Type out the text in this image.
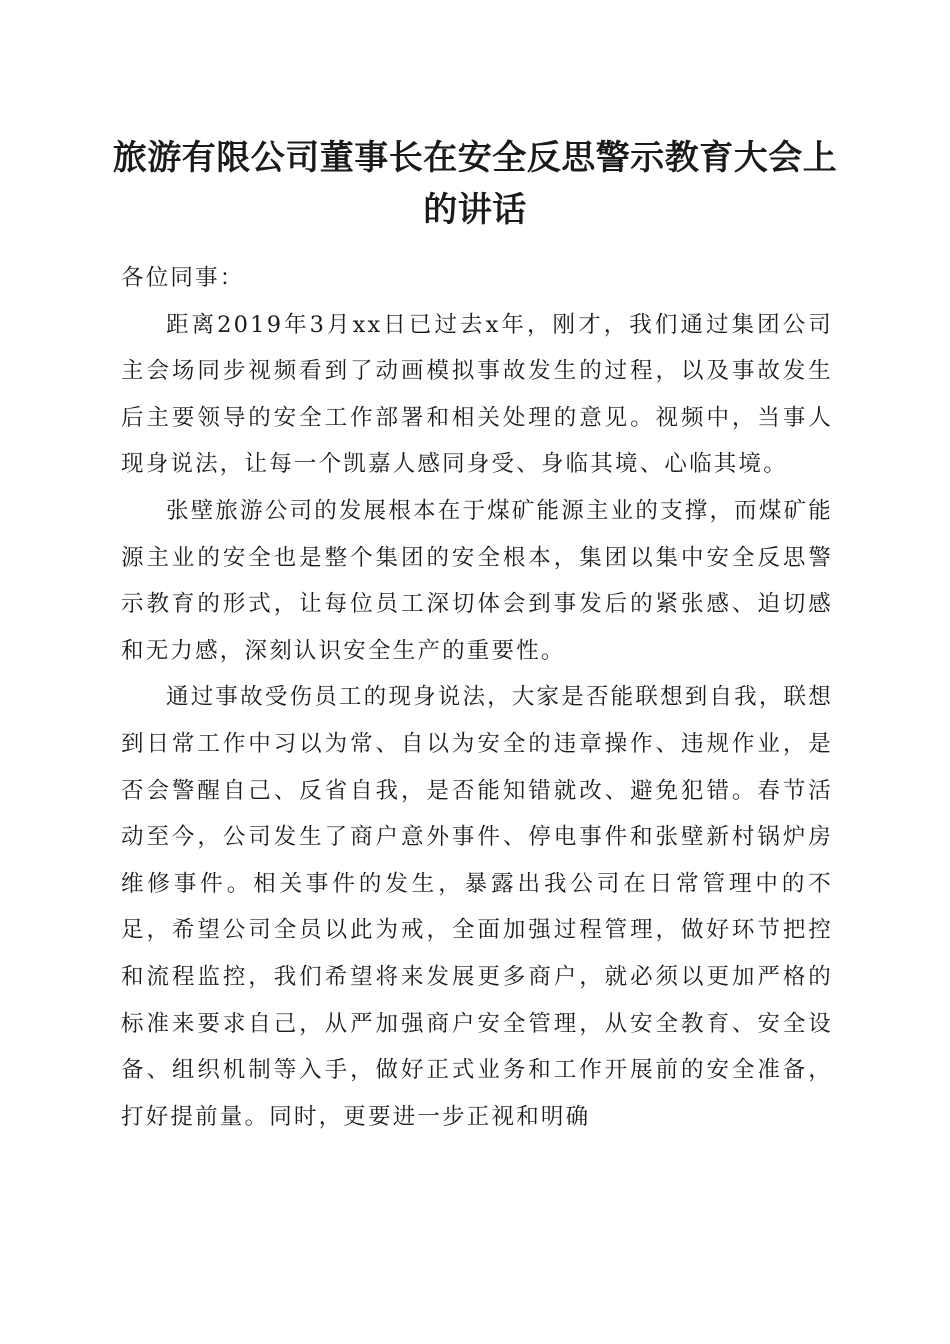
旅游有限公司董事长在安全反思警示教育大会上的讲话

各位同事：

距离2019年3月xx日已过去x年，刚才，我们通过集团公司主会场同步视频看到了动画模拟事故发生的过程，以及事故发生后主要领导的安全工作部署和相关处理的意见。视频中，当事人现身说法，让每一个凯嘉人感同身受、身临其境、心临其境。

张壁旅游公司的发展根本在于煤矿能源主业的支撑，而煤矿能源主业的安全也是整个集团的安全根本，集团以集中安全反思警示教育的形式，让每位员工深切体会到事发后的紧张感、迫切感和无力感，深刻认识安全生产的重要性。

通过事故受伤员工的现身说法，大家是否能联想到自我，联想到日常工作中习以为常、自以为安全的违章操作、违规作业，是否会警醒自己、反省自我，是否能知错就改、避免犯错。春节活动至今，公司发生了商户意外事件、停电事件和张壁新村锅炉房维修事件。相关事件的发生，暴露出我公司在日常管理中的不足，希望公司全员以此为戒，全面加强过程管理，做好环节把控和流程监控，我们希望将来发展更多商户，就必须以更加严格的标准来要求自己，从严加强商户安全管理，从安全教育、安全设备、组织机制等入手，做好正式业务和工作开展前的安全准备，打好提前量。同时，更要进一步正视和明确
